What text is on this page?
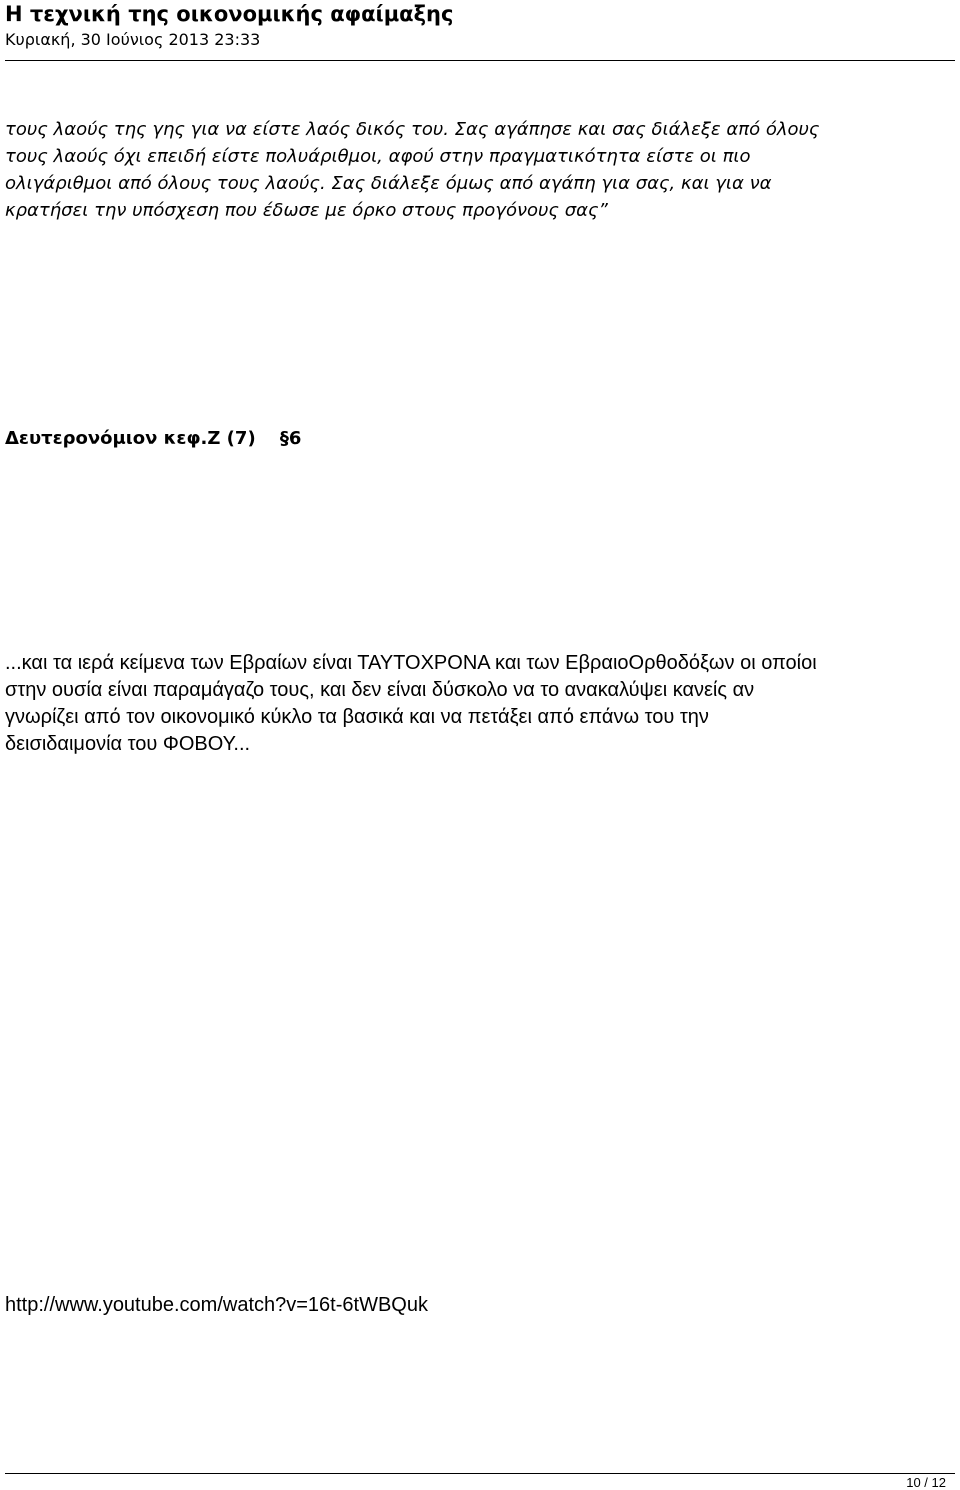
Η τεχνική της οικονομικής αφαίμαξης
Κυριακή, 30 Ιούνιος 2013 23:33

τους λαούς της γης για να είστε λαός δικός του. Σας αγάπησε και σας διάλεξε από όλους
τους λαούς όχι επειδή είστε πολυάριθμοι, αφού στην πραγματικότητα είστε οι πιο
ολιγάριθμοι από όλους τους λαούς. Σας διάλεξε όμως από αγάπη για σας, και για να
κρατήσει την υπόσχεση που έδωσε με όρκο στους προγόνους σας”

Δευτερονόμιον κεφ.Ζ (7)  §6

...και τα ιερά κείμενα των Εβραίων είναι ΤΑΥΤΟΧΡΟΝΑ και των ΕβραιοΟρθοδόξων οι οποίοι
στην ουσία είναι παραμάγαζο τους, και δεν είναι δύσκολο να το ανακαλύψει κανείς αν
γνωρίζει από τον οικονομικό κύκλο τα βασικά και να πετάξει από επάνω του την
δεισιδαιμονία του ΦΟΒΟΥ...

http://www.youtube.com/watch?v=16t-6tWBQuk
10 / 12
